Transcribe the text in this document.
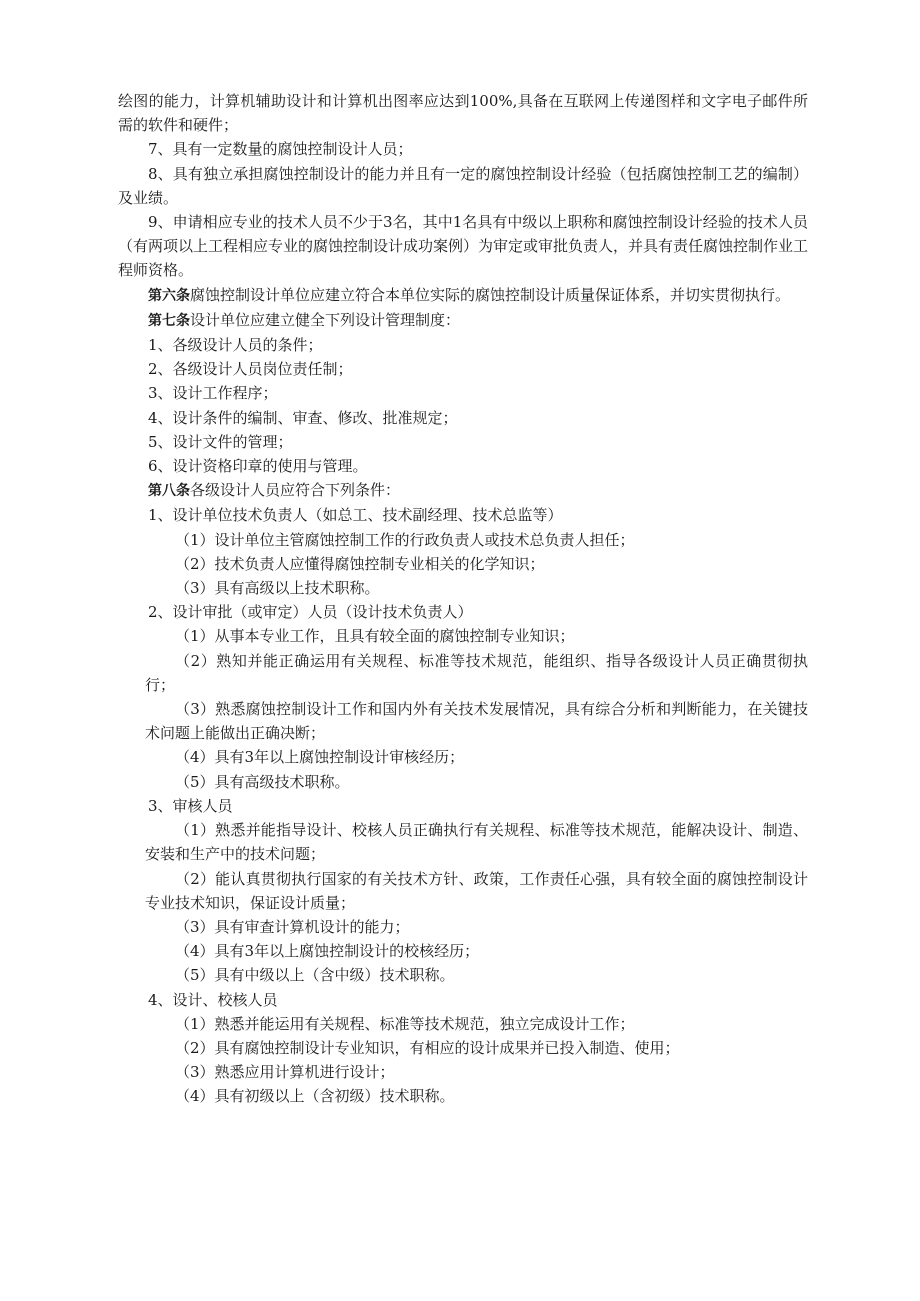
绘图的能力，计算机辅助设计和计算机出图率应达到100%,具备在互联网上传递图样和文字电子邮件所需的软件和硬件；

7、具有一定数量的腐蚀控制设计人员；

8、具有独立承担腐蚀控制设计的能力并且有一定的腐蚀控制设计经验（包括腐蚀控制工艺的编制）及业绩。

9、申请相应专业的技术人员不少于3名，其中1名具有中级以上职称和腐蚀控制设计经验的技术人员（有两项以上工程相应专业的腐蚀控制设计成功案例）为审定或审批负责人，并具有责任腐蚀控制作业工程师资格。

第六条腐蚀控制设计单位应建立符合本单位实际的腐蚀控制设计质量保证体系，并切实贯彻执行。

第七条设计单位应建立健全下列设计管理制度：

1、各级设计人员的条件；

2、各级设计人员岗位责任制；

3、设计工作程序；

4、设计条件的编制、审查、修改、批准规定；

5、设计文件的管理；

6、设计资格印章的使用与管理。

第八条各级设计人员应符合下列条件：

1、设计单位技术负责人（如总工、技术副经理、技术总监等）

（1）设计单位主管腐蚀控制工作的行政负责人或技术总负责人担任；

（2）技术负责人应懂得腐蚀控制专业相关的化学知识；

（3）具有高级以上技术职称。

2、设计审批（或审定）人员（设计技术负责人）

（1）从事本专业工作，且具有较全面的腐蚀控制专业知识；

（2）熟知并能正确运用有关规程、标准等技术规范，能组织、指导各级设计人员正确贯彻执行；

（3）熟悉腐蚀控制设计工作和国内外有关技术发展情况，具有综合分析和判断能力，在关键技术问题上能做出正确决断；

（4）具有3年以上腐蚀控制设计审核经历；

（5）具有高级技术职称。

3、审核人员

（1）熟悉并能指导设计、校核人员正确执行有关规程、标准等技术规范，能解决设计、制造、安装和生产中的技术问题；

（2）能认真贯彻执行国家的有关技术方针、政策，工作责任心强，具有较全面的腐蚀控制设计专业技术知识，保证设计质量；

（3）具有审查计算机设计的能力；

（4）具有3年以上腐蚀控制设计的校核经历；

（5）具有中级以上（含中级）技术职称。

4、设计、校核人员

（1）熟悉并能运用有关规程、标准等技术规范，独立完成设计工作；

（2）具有腐蚀控制设计专业知识，有相应的设计成果并已投入制造、使用；

（3）熟悉应用计算机进行设计；

（4）具有初级以上（含初级）技术职称。
